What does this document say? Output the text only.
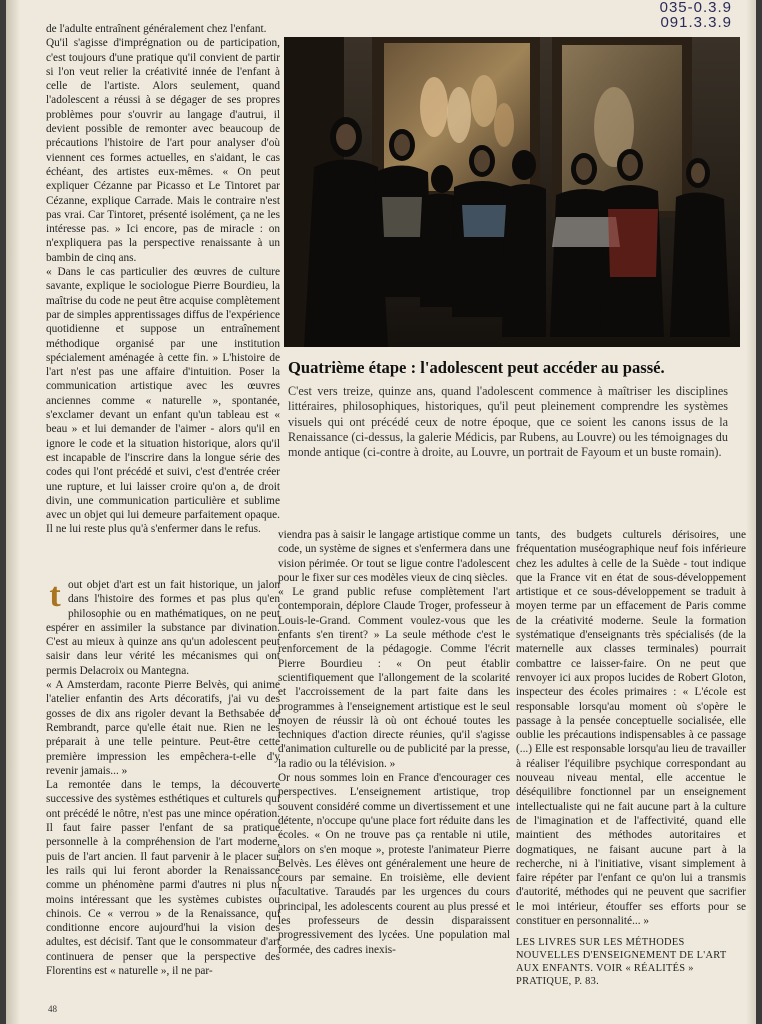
035-0.3.9
091.3.3.9

de l'adulte entraînent généralement chez l'enfant.

Qu'il s'agisse d'imprégnation ou de participation, c'est toujours d'une pratique qu'il convient de partir si l'on veut relier la créativité innée de l'enfant à celle de l'artiste. Alors seulement, quand l'adolescent a réussi à se dégager de ses propres problèmes pour s'ouvrir au langage d'autrui, il devient possible de remonter avec beaucoup de précautions l'histoire de l'art pour analyser d'où viennent ces formes actuelles, en s'aidant, le cas échéant, des artistes eux-mêmes. « On peut expliquer Cézanne par Picasso et Le Tintoret par Cézanne, explique Carrade. Mais le contraire n'est pas vrai. Car Tintoret, présenté isolément, ça ne les intéresse pas. » Ici encore, pas de miracle : on n'expliquera pas la perspective renaissante à un bambin de cinq ans.

« Dans le cas particulier des œuvres de culture savante, explique le sociologue Pierre Bourdieu, la maîtrise du code ne peut être acquise complètement par de simples apprentissages diffus de l'expérience quotidienne et suppose un entraînement méthodique organisé par une institution spécialement aménagée à cette fin. » L'histoire de l'art n'est pas une affaire d'intuition. Poser la communication artistique avec les œuvres anciennes comme « naturelle », spontanée, s'exclamer devant un enfant qu'un tableau est « beau » et lui demander de l'aimer - alors qu'il en ignore le code et la situation historique, alors qu'il est incapable de l'inscrire dans la longue série des codes qui l'ont précédé et suivi, c'est d'entrée créer une rupture, et lui laisser croire qu'on a, de droit divin, une communication particulière et sublime avec un objet qui lui demeure parfaitement opaque. Il ne lui reste plus qu'à s'enfermer dans le refus.

Quatrième étape : l'adolescent peut accéder au passé.
C'est vers treize, quinze ans, quand l'adolescent commence à maîtriser les disciplines littéraires, philosophiques, historiques, qu'il peut pleinement comprendre les systèmes visuels qui ont précédé ceux de notre époque, que ce soient les canons issus de la Renaissance (ci-dessus, la galerie Médicis, par Rubens, au Louvre) ou les témoignages du monde antique (ci-contre à droite, au Louvre, un portrait de Fayoum et un buste romain).
t out objet d'art est un fait historique, un jalon dans l'histoire des formes et pas plus qu'en philosophie ou en mathématiques, on ne peut espérer en assimiler la substance par divination. C'est au mieux à quinze ans qu'un adolescent peut saisir dans leur vérité les mécanismes qui ont permis Delacroix ou Mantegna.

« A Amsterdam, raconte Pierre Belvès, qui anime l'atelier enfantin des Arts décoratifs, j'ai vu des gosses de dix ans rigoler devant la Bethsabée de Rembrandt, parce qu'elle était nue. Rien ne les préparait à une telle peinture. Peut-être cette première impression les empêchera-t-elle d'y revenir jamais... »

La remontée dans le temps, la découverte successive des systèmes esthétiques et culturels qui ont précédé le nôtre, n'est pas une mince opération. Il faut faire passer l'enfant de sa pratique personnelle à la compréhension de l'art moderne, puis de l'art ancien. Il faut parvenir à le placer sur les rails qui lui feront aborder la Renaissance comme un phénomène parmi d'autres ni plus ni moins intéressant que les systèmes cubistes ou chinois. Ce « verrou » de la Renaissance, qui conditionne encore aujourd'hui la vision des adultes, est décisif. Tant que le consommateur d'art continuera de penser que la perspective des Florentins est « naturelle », il ne par-

viendra pas à saisir le langage artistique comme un code, un système de signes et s'enfermera dans une vision périmée. Or tout se ligue contre l'adolescent pour le fixer sur ces modèles vieux de cinq siècles.

« Le grand public refuse complètement l'art contemporain, déplore Claude Troger, professeur à Louis-le-Grand. Comment voulez-vous que les enfants s'en tirent? » La seule méthode c'est le renforcement de la pédagogie. Comme l'écrit Pierre Bourdieu : « On peut établir scientifiquement que l'allongement de la scolarité et l'accroissement de la part faite dans les programmes à l'enseignement artistique est le seul moyen de réussir là où ont échoué toutes les techniques d'action directe réunies, qu'il s'agisse d'animation culturelle ou de publicité par la presse, la radio ou la télévision. »

Or nous sommes loin en France d'encourager ces perspectives. L'enseignement artistique, trop souvent considéré comme un divertissement et une détente, n'occupe qu'une place fort réduite dans les écoles. « On ne trouve pas ça rentable ni utile, alors on s'en moque », proteste l'animateur Pierre Belvès. Les élèves ont généralement une heure de cours par semaine. En troisième, elle devient facultative. Taraudés par les urgences du cours principal, les adolescents courent au plus pressé et les professeurs de dessin disparaissent progressivement des lycées. Une population mal formée, des cadres inexis-

tants, des budgets culturels dérisoires, une fréquentation muséographique neuf fois inférieure chez les adultes à celle de la Suède - tout indique que la France vit en état de sous-développement artistique et ce sous-développement se traduit à moyen terme par un effacement de Paris comme de la créativité moderne. Seule la formation systématique d'enseignants très spécialisés (de la maternelle aux classes terminales) pourrait combattre ce laisser-faire. On ne peut que renvoyer ici aux propos lucides de Robert Gloton, inspecteur des écoles primaires : « L'école est responsable lorsqu'au moment où s'opère le passage à la pensée conceptuelle socialisée, elle oublie les précautions indispensables à ce passage (...) Elle est responsable lorsqu'au lieu de travailler à réaliser l'équilibre psychique correspondant au nouveau niveau mental, elle accentue le déséquilibre fonctionnel par un enseignement intellectualiste qui ne fait aucune part à la culture de l'imagination et de l'affectivité, quand elle maintient des méthodes autoritaires et dogmatiques, ne faisant aucune part à la recherche, ni à l'initiative, visant simplement à faire répéter par l'enfant ce qu'on lui a transmis d'autorité, méthodes qui ne peuvent que sacrifier le moi intérieur, étouffer ses efforts pour se constituer en personnalité... »

LES LIVRES SUR LES MÉTHODES NOUVELLES D'ENSEIGNEMENT DE L'ART AUX ENFANTS. VOIR « RÉALITÉS » PRATIQUE, P. 83.
48
